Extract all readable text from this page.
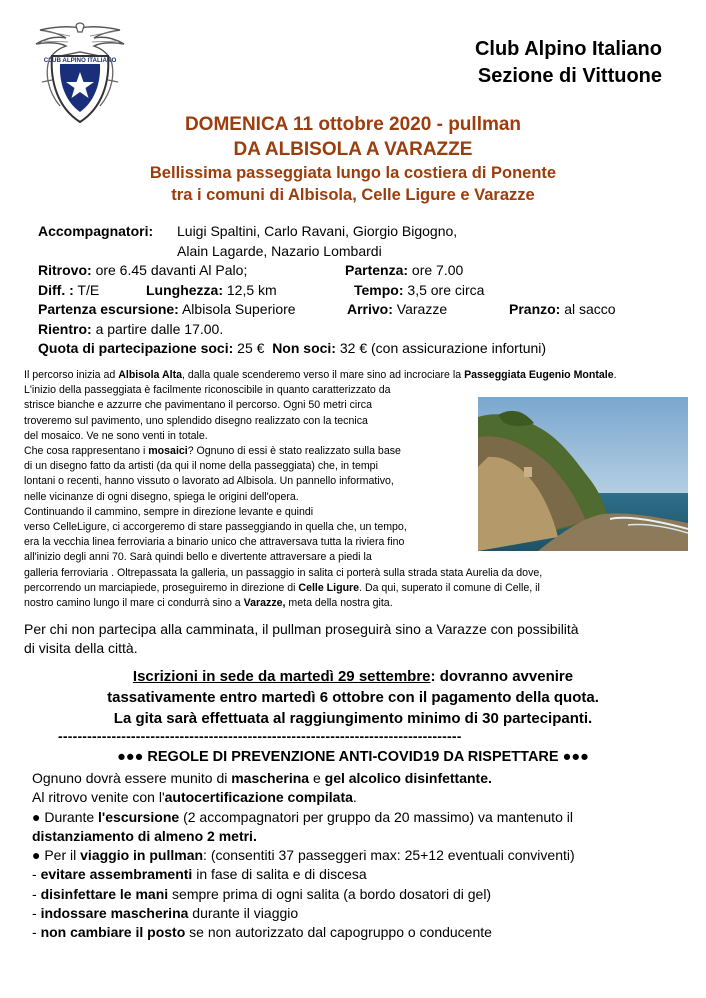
CLUB ALPINO ITALIANO
Club Alpino Italiano
Sezione di Vittuone
DOMENICA 11 ottobre 2020 - pullman
DA ALBISOLA A VARAZZE
Bellissima passeggiata lungo la costiera di Ponente
tra i comuni di Albisola, Celle Ligure e Varazze
Accompagnatori: Luigi Spaltini, Carlo Ravani, Giorgio Bigogno,
Alain Lagarde, Nazario Lombardi
Ritrovo: ore 6.45 davanti Al Palo;	Partenza: ore 7.00
Diff. : T/E	Lunghezza: 12,5 km	Tempo: 3,5 ore circa
Partenza escursione: Albisola Superiore	Arrivo: Varazze	Pranzo: al sacco
Rientro: a partire dalle 17.00.
Quota di partecipazione soci: 25 € Non soci: 32 € (con assicurazione infortuni)

Il percorso inizia ad Albisola Alta, dalla quale scenderemo verso il mare sino ad incrociare la Passeggiata Eugenio Montale.

L'inizio della passeggiata è facilmente riconoscibile in quanto caratterizzato da

strisce bianche e azzurre che pavimentano il percorso. Ogni 50 metri circa

troveremo sul pavimento, uno splendido disegno realizzato con la tecnica

del mosaico. Ve ne sono venti in totale.

Che cosa rappresentano i mosaici? Ognuno di essi è stato realizzato sulla base

di un disegno fatto da artisti (da qui il nome della passeggiata) che, in tempi

lontani o recenti, hanno vissuto o lavorato ad Albisola. Un pannello informativo,

nelle vicinanze di ogni disegno, spiega le origini dell'opera.

Continuando il cammino, sempre in direzione levante e quindi

verso CelleLigure, ci accorgeremo di stare passeggiando in quella che, un tempo,

era la vecchia linea ferroviaria a binario unico che attraversava tutta la riviera fino

all'inizio degli anni 70. Sarà quindi bello e divertente attraversare a piedi la

galleria ferroviaria . Oltrepassata la galleria, un passaggio in salita ci porterà sulla strada stata Aurelia da dove,

percorrendo un marciapiede, proseguiremo in direzione di Celle Ligure. Da qui, superato il comune di Celle, il

nostro camino lungo il mare ci condurrà sino a Varazze, meta della nostra gita.

Per chi non partecipa alla camminata, il pullman proseguirà sino a Varazze con possibilità
di visita della città.
Iscrizioni in sede da martedì 29 settembre: dovranno avvenire
tassativamente entro martedì 6 ottobre con il pagamento della quota.
La gita sarà effettuata al raggiungimento minimo di 30 partecipanti.
-----------------------------------------------------------------------------------
●●● REGOLE DI PREVENZIONE ANTI-COVID19 DA RISPETTARE ●●●
Ognuno dovrà essere munito di mascherina e gel alcolico disinfettante.
Al ritrovo venite con l'autocertificazione compilata.
● Durante l'escursione (2 accompagnatori per gruppo da 20 massimo) va mantenuto il
distanziamento di almeno 2 metri.
● Per il viaggio in pullman: (consentiti 37 passeggeri max: 25+12 eventuali conviventi)
- evitare assembramenti in fase di salita e di discesa
- disinfettare le mani sempre prima di ogni salita (a bordo dosatori di gel)
- indossare mascherina durante il viaggio
- non cambiare il posto se non autorizzato dal capogruppo o conducente
